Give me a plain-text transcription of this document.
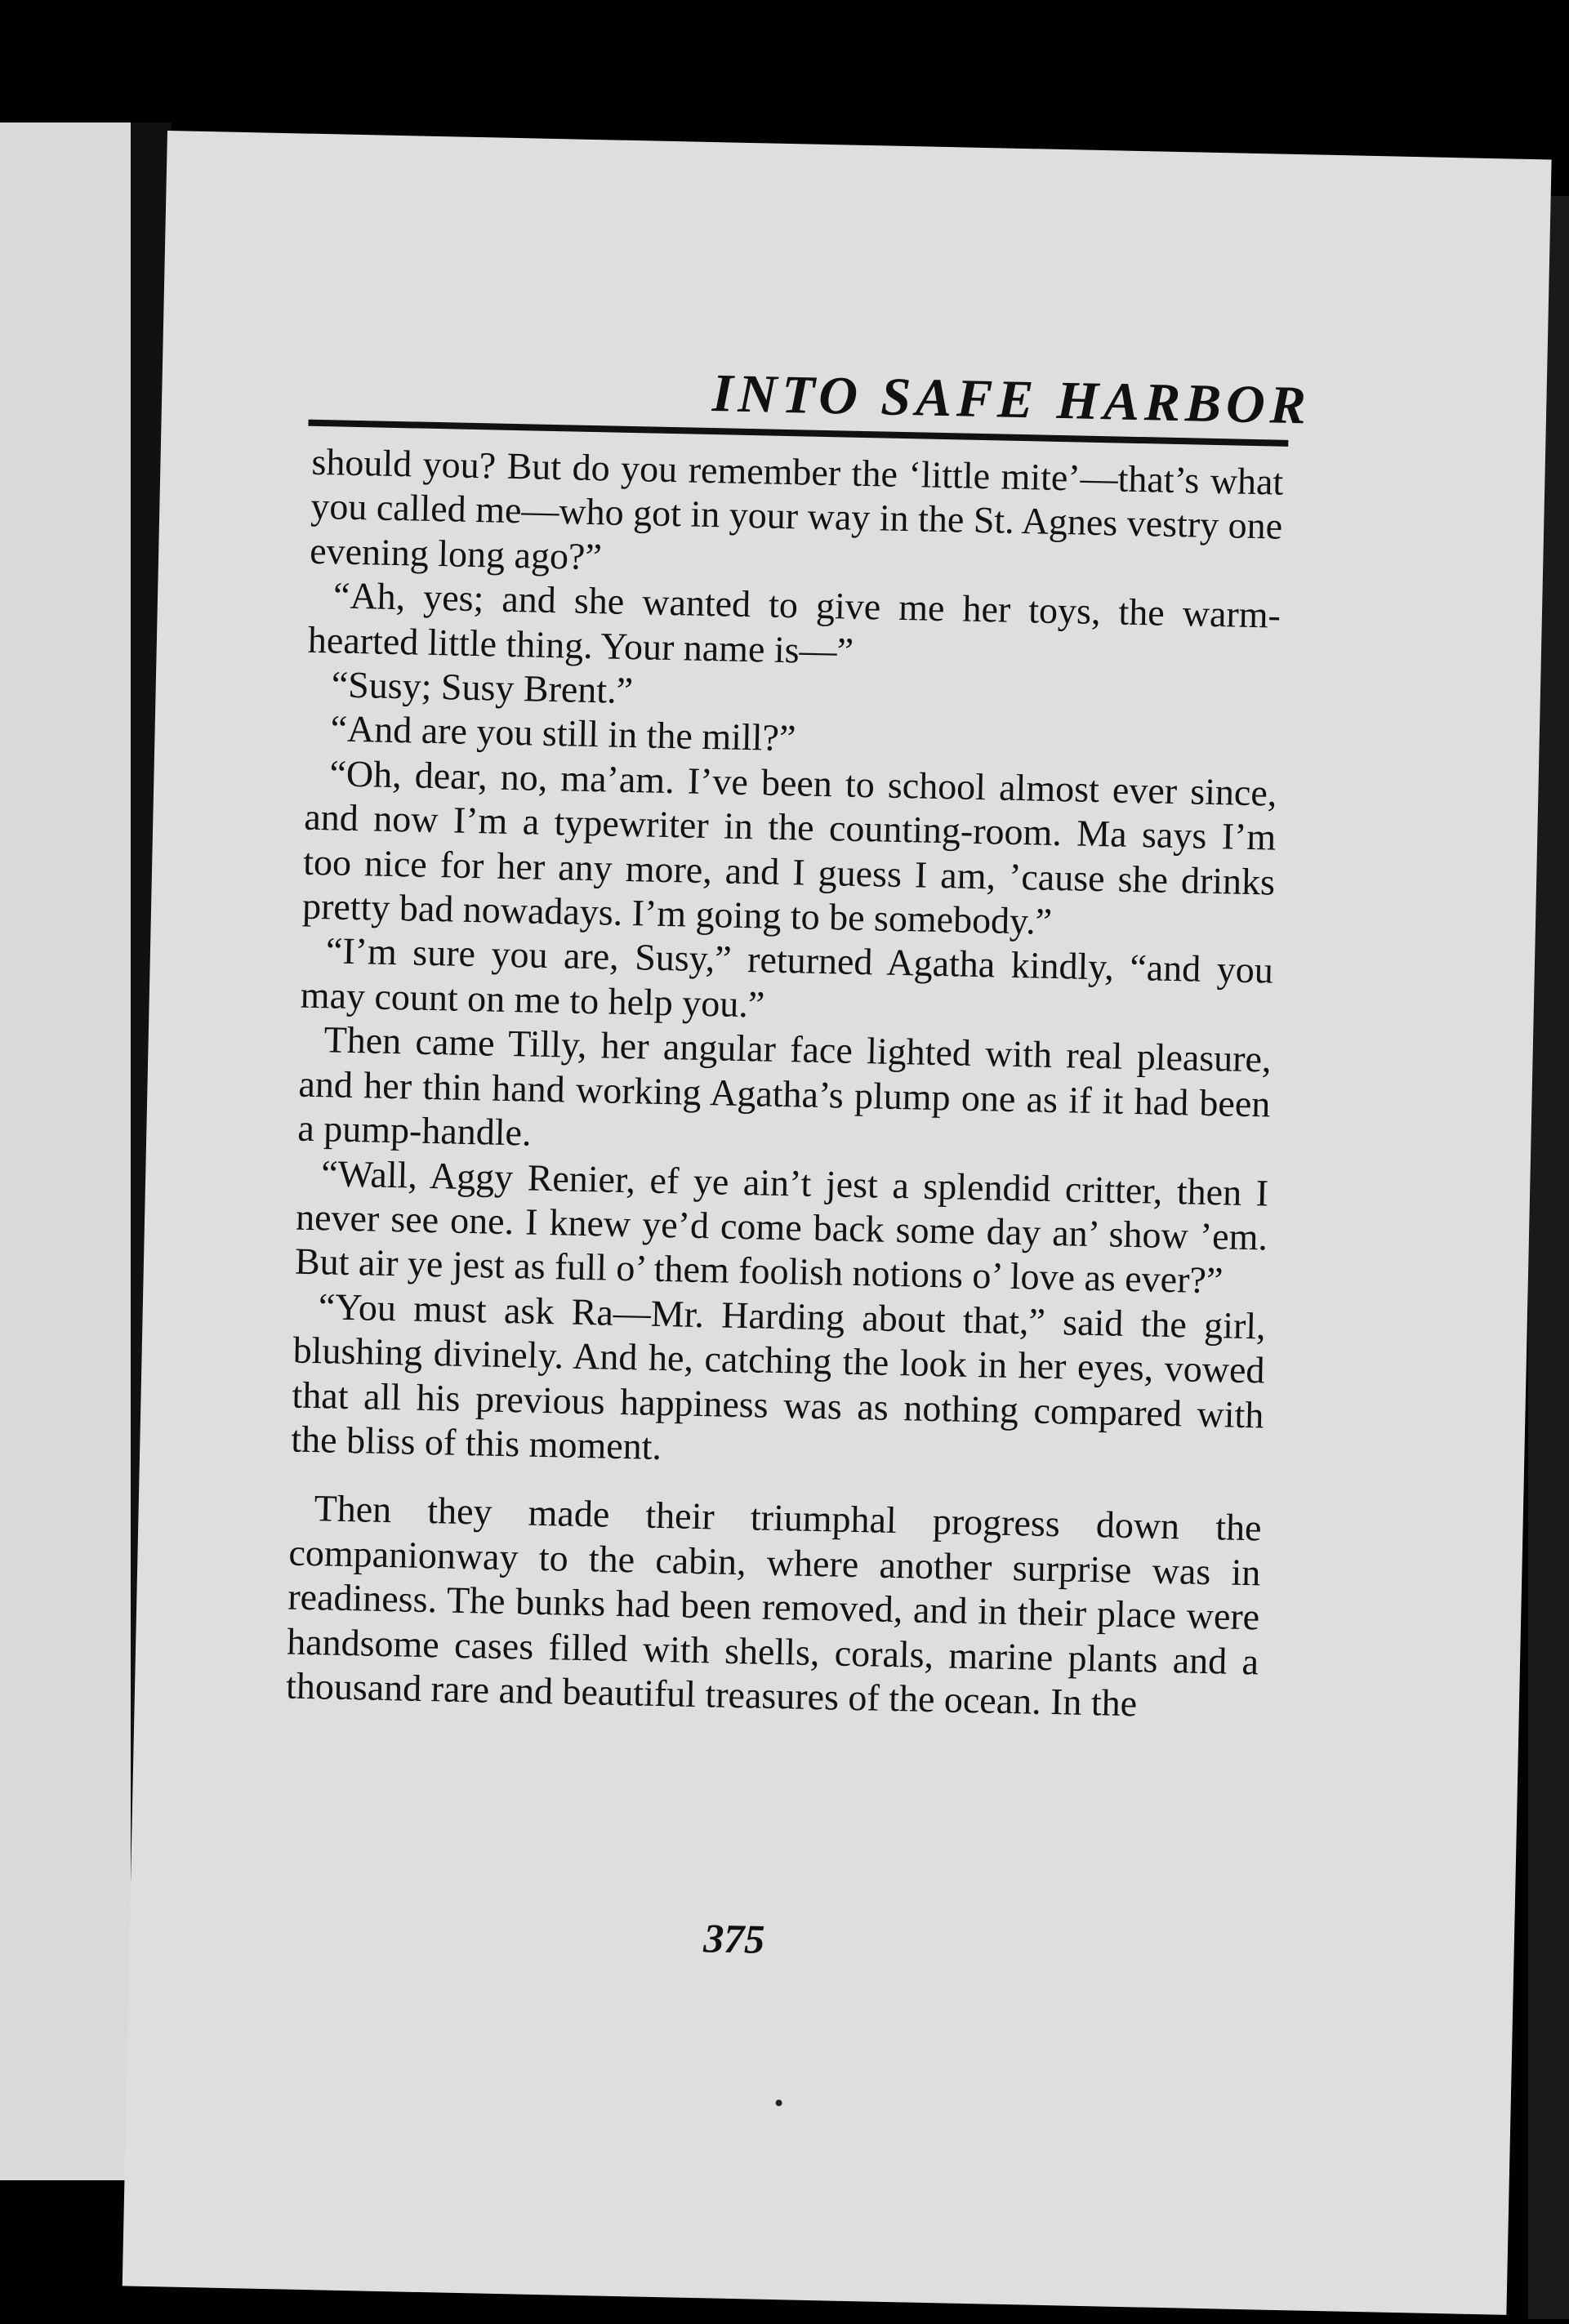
INTO SAFE HARBOR

should you? But do you remember the ‘little mite’—that’s what you called me—who got in your way in the St. Agnes vestry one evening long ago?”

“Ah, yes; and she wanted to give me her toys, the warm-hearted little thing. Your name is—”

“Susy; Susy Brent.”

“And are you still in the mill?”

“Oh, dear, no, ma’am. I’ve been to school almost ever since, and now I’m a typewriter in the counting-room. Ma says I’m too nice for her any more, and I guess I am, ’cause she drinks pretty bad nowadays. I’m going to be somebody.”

“I’m sure you are, Susy,” returned Agatha kindly, “and you may count on me to help you.”

Then came Tilly, her angular face lighted with real pleasure, and her thin hand working Agatha’s plump one as if it had been a pump-handle.

“Wall, Aggy Renier, ef ye ain’t jest a splendid critter, then I never see one. I knew ye’d come back some day an’ show ’em. But air ye jest as full o’ them foolish notions o’ love as ever?”

“You must ask Ra—Mr. Harding about that,” said the girl, blushing divinely. And he, catching the look in her eyes, vowed that all his previous happiness was as nothing compared with the bliss of this moment.

Then they made their triumphal progress down the companionway to the cabin, where another surprise was in readiness. The bunks had been removed, and in their place were handsome cases filled with shells, corals, marine plants and a thousand rare and beautiful treasures of the ocean. In the

375
